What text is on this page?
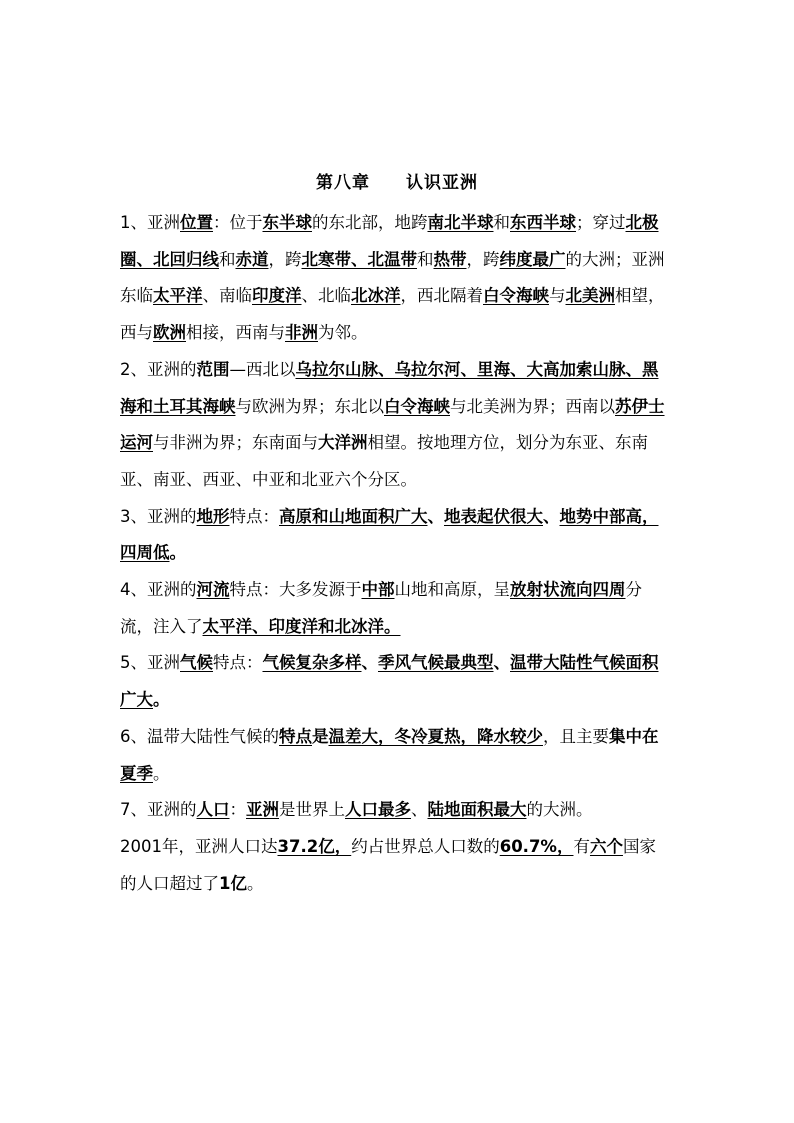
第八章　　认识亚洲

1、亚洲位置：位于东半球的东北部，地跨南北半球和东西半球；穿过北极圈、北回归线和赤道，跨北寒带、北温带和热带，跨纬度最广的大洲；亚洲东临太平洋、南临印度洋、北临北冰洋，西北隔着白令海峡与北美洲相望，西与欧洲相接，西南与非洲为邻。

2、亚洲的范围—西北以乌拉尔山脉、乌拉尔河、里海、大高加索山脉、黑海和土耳其海峡与欧洲为界；东北以白令海峡与北美洲为界；西南以苏伊士运河与非洲为界；东南面与大洋洲相望。按地理方位，划分为东亚、东南亚、南亚、西亚、中亚和北亚六个分区。

3、亚洲的地形特点：高原和山地面积广大、地表起伏很大、地势中部高，四周低。

4、亚洲的河流特点：大多发源于中部山地和高原，呈放射状流向四周分流，注入了太平洋、印度洋和北冰洋。

5、亚洲气候特点：气候复杂多样、季风气候最典型、温带大陆性气候面积广大。

6、温带大陆性气候的特点是温差大，冬冷夏热，降水较少，且主要集中在夏季。

7、亚洲的人口：亚洲是世界上人口最多、陆地面积最大的大洲。

2001年，亚洲人口达37.2亿，约占世界总人口数的60.7%，有六个国家的人口超过了1亿。
